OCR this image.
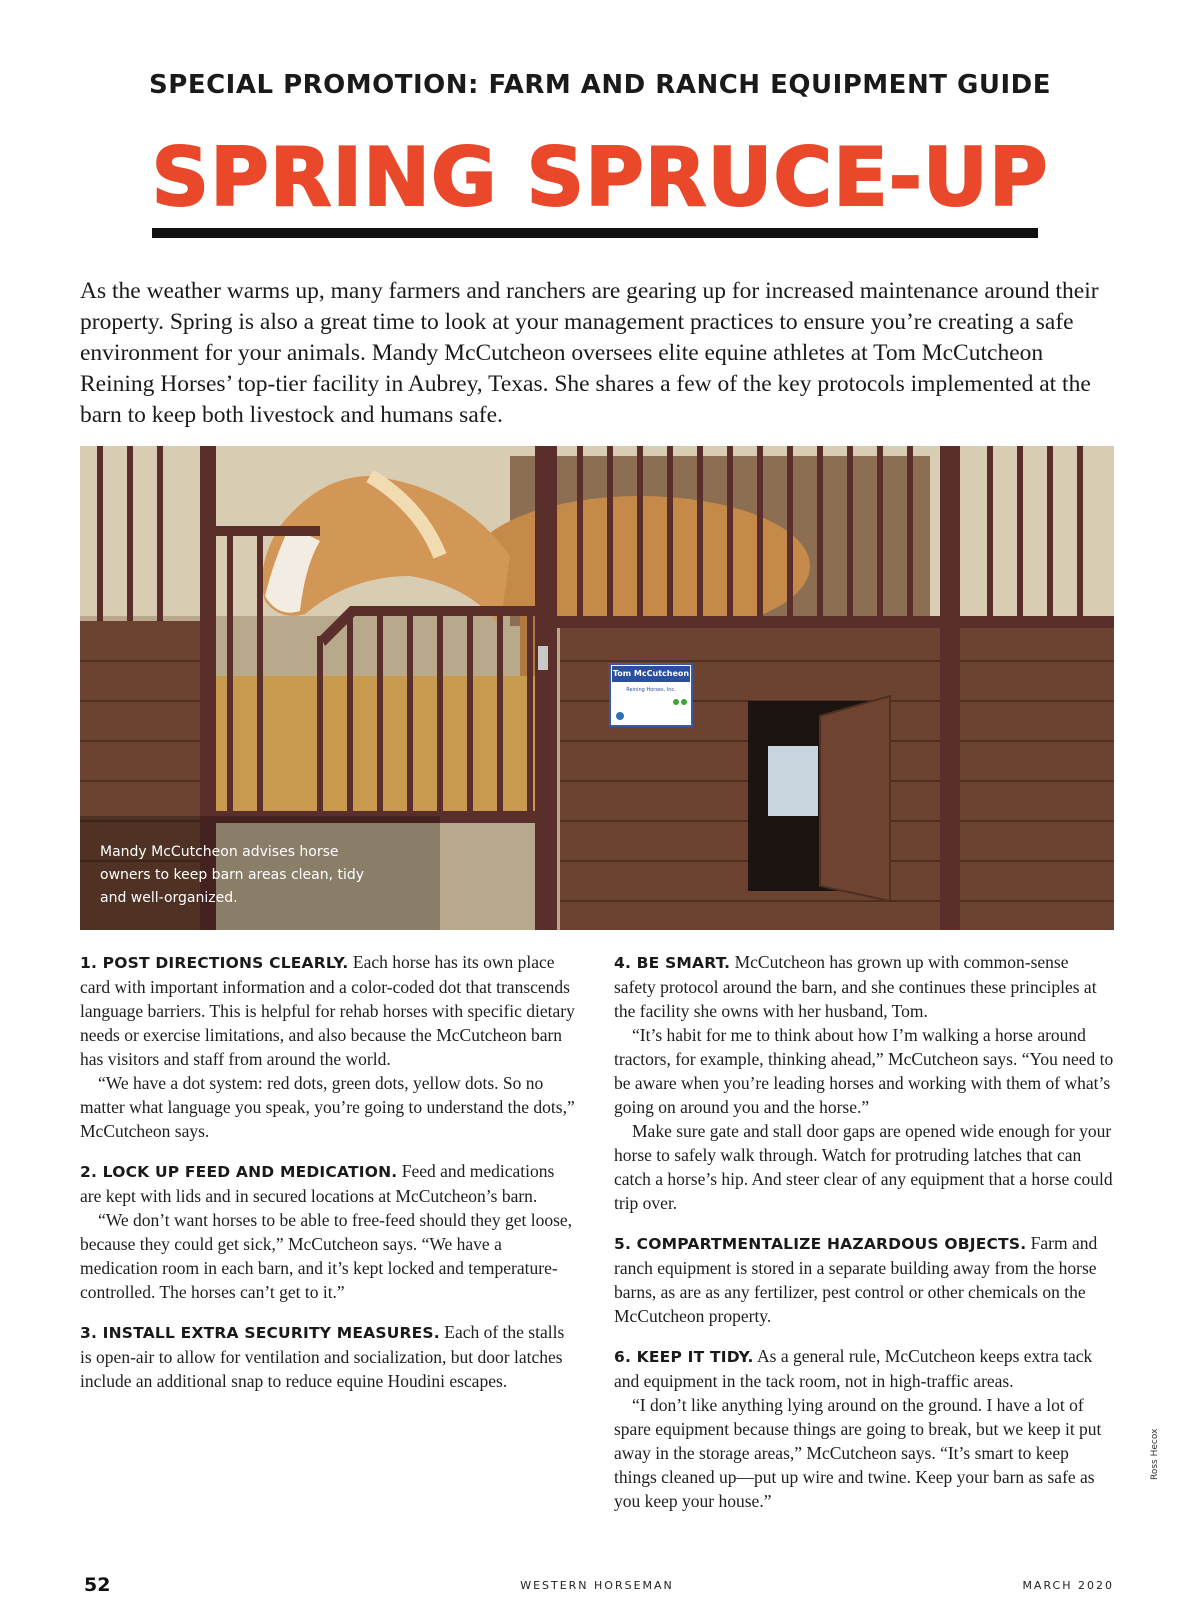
SPECIAL PROMOTION: FARM AND RANCH EQUIPMENT GUIDE
SPRING SPRUCE-UP
As the weather warms up, many farmers and ranchers are gearing up for increased maintenance around their property. Spring is also a great time to look at your management practices to ensure you’re creating a safe environment for your animals. Mandy McCutcheon oversees elite equine athletes at Tom McCutcheon Reining Horses’ top-tier facility in Aubrey, Texas. She shares a few of the key protocols implemented at the barn to keep both livestock and humans safe.
Tom McCutcheon
Reining Horses, Inc.
Mandy McCutcheon advises horse owners to keep barn areas clean, tidy and well-organized.

1. POST DIRECTIONS CLEARLY. Each horse has its own place card with important information and a color-coded dot that transcends language barriers. This is helpful for rehab horses with specific dietary needs or exercise limitations, and also because the McCutcheon barn has visitors and staff from around the world.

“We have a dot system: red dots, green dots, yellow dots. So no matter what language you speak, you’re going to understand the dots,” McCutcheon says.

2. LOCK UP FEED AND MEDICATION. Feed and medications are kept with lids and in secured locations at McCutcheon’s barn.

“We don’t want horses to be able to free-feed should they get loose, because they could get sick,” McCutcheon says. “We have a medication room in each barn, and it’s kept locked and temperature-controlled. The horses can’t get to it.”

3. INSTALL EXTRA SECURITY MEASURES. Each of the stalls is open-air to allow for ventilation and socialization, but door latches include an additional snap to reduce equine Houdini escapes.

4. BE SMART. McCutcheon has grown up with common-sense safety protocol around the barn, and she continues these principles at the facility she owns with her husband, Tom.

“It’s habit for me to think about how I’m walking a horse around tractors, for example, thinking ahead,” McCutcheon says. “You need to be aware when you’re leading horses and working with them of what’s going on around you and the horse.”

Make sure gate and stall door gaps are opened wide enough for your horse to safely walk through. Watch for protruding latches that can catch a horse’s hip. And steer clear of any equipment that a horse could trip over.

5. COMPARTMENTALIZE HAZARDOUS OBJECTS. Farm and ranch equipment is stored in a separate building away from the horse barns, as are as any fertilizer, pest control or other chemicals on the McCutcheon property.

6. KEEP IT TIDY. As a general rule, McCutcheon keeps extra tack and equipment in the tack room, not in high-traffic areas.

“I don’t like anything lying around on the ground. I have a lot of spare equipment because things are going to break, but we keep it put away in the storage areas,” McCutcheon says. “It’s smart to keep things cleaned up—put up wire and twine. Keep your barn as safe as you keep your house.”

Ross Hecox
52	WESTERN HORSEMAN	MARCH 2020
